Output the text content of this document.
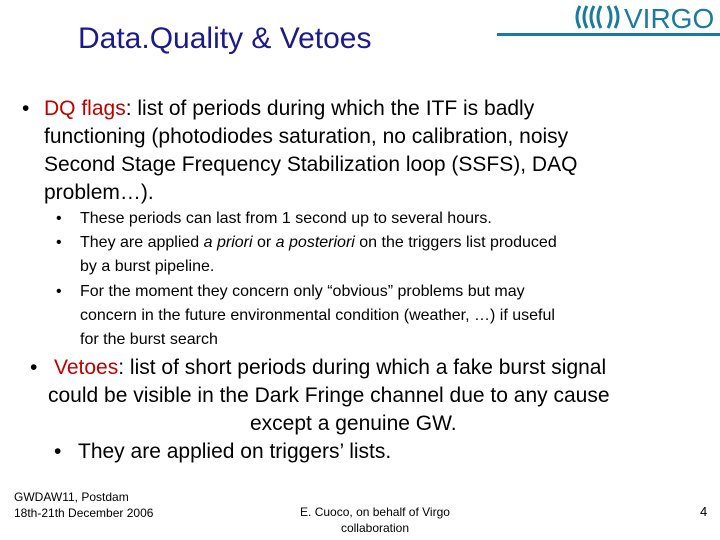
Data.Quality & Vetoes
VIRGO
• DQ flags: list of periods during which the ITF is badly
functioning (photodiodes saturation, no calibration, noisy
Second Stage Frequency Stabilization loop (SSFS), DAQ
problem…).
• These periods can last from 1 second up to several hours.
• They are applied a priori or a posteriori on the triggers list produced
by a burst pipeline.
• For the moment they concern only “obvious” problems but may
concern in the future environmental condition (weather, …) if useful
for the burst search
• Vetoes: list of short periods during which a fake burst signal
could be visible in the Dark Fringe channel due to any cause
except a genuine GW.
• They are applied on triggers’ lists.
GWDAW11, Postdam
18th-21th December 2006	E. Cuoco, on behalf of Virgo
collaboration
4
